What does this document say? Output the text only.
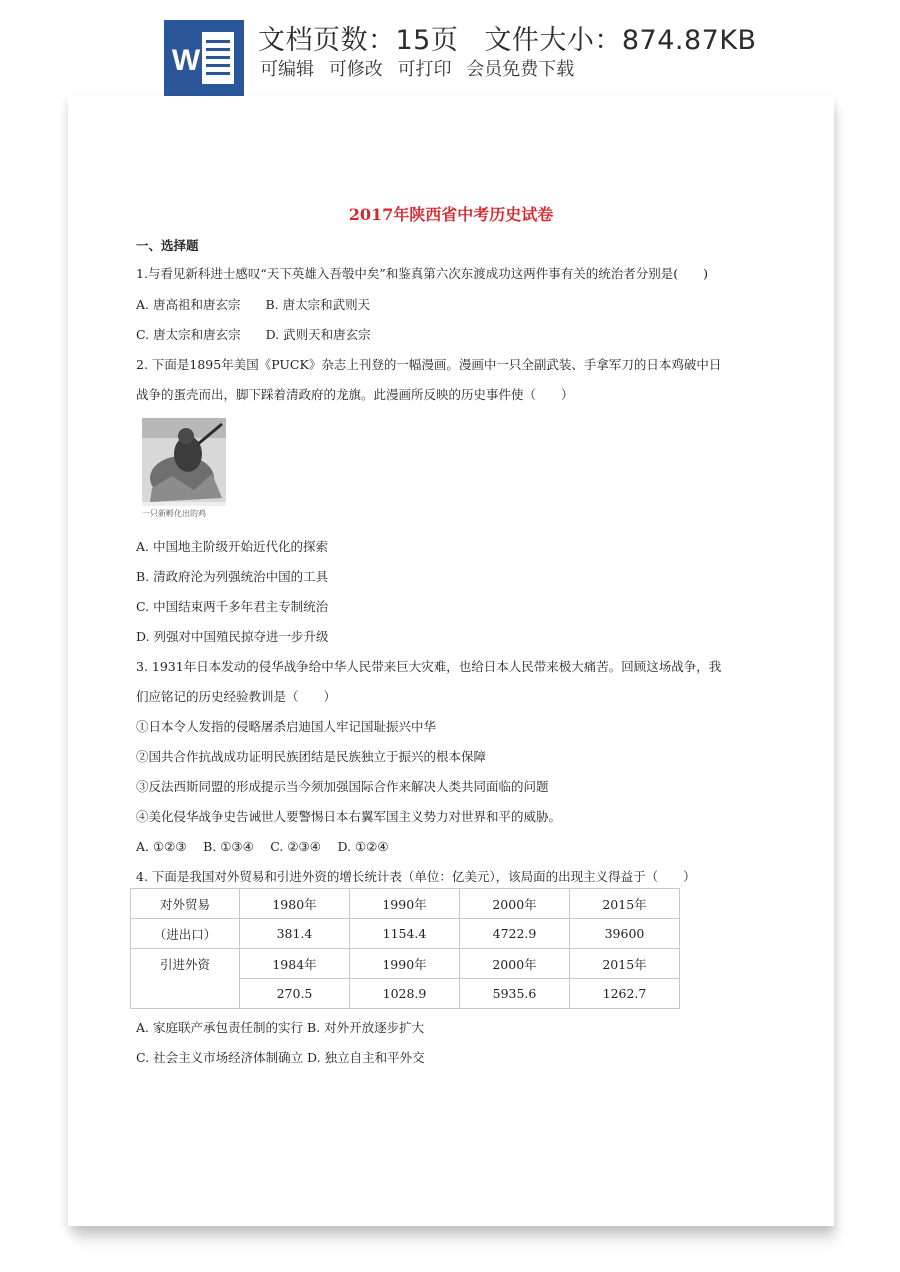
W
文档页数：15页 文件大小：874.87KB
可编辑 可修改 可打印 会员免费下载
2017年陕西省中考历史试卷
一、选择题
1.与看见新科进士感叹“天下英雄入吾彀中矣”和鉴真第六次东渡成功这两件事有关的统治者分别是(　　)
A. 唐高祖和唐玄宗　　B. 唐太宗和武则天
C. 唐太宗和唐玄宗　　D. 武则天和唐玄宗
2. 下面是1895年美国《PUCK》杂志上刊登的一幅漫画。漫画中一只全副武装、手拿军刀的日本鸡破中日
战争的蛋壳而出，脚下踩着清政府的龙旗。此漫画所反映的历史事件使（　　）
一只新孵化出的鸡
A. 中国地主阶级开始近代化的探索
B. 清政府沦为列强统治中国的工具
C. 中国结束两千多年君主专制统治
D. 列强对中国殖民掠夺进一步升级
3. 1931年日本发动的侵华战争给中华人民带来巨大灾难，也给日本人民带来极大痛苦。回顾这场战争，我
们应铭记的历史经验教训是（　　）
①日本令人发指的侵略屠杀启迪国人牢记国耻振兴中华
②国共合作抗战成功证明民族团结是民族独立于振兴的根本保障
③反法西斯同盟的形成提示当今须加强国际合作来解决人类共同面临的问题
④美化侵华战争史告诫世人要警惕日本右翼军国主义势力对世界和平的威胁。
A. ①②③　 B. ①③④　 C. ②③④　 D. ①②④
4. 下面是我国对外贸易和引进外资的增长统计表（单位：亿美元），该局面的出现主义得益于（　　）
对外贸易	1980年	1990年	2000年	2015年
（进出口）	381.4	1154.4	4722.9	39600
引进外资	1984年	1990年	2000年	2015年
	270.5	1028.9	5935.6	1262.7
A. 家庭联产承包责任制的实行 B. 对外开放逐步扩大
C. 社会主义市场经济体制确立 D. 独立自主和平外交
